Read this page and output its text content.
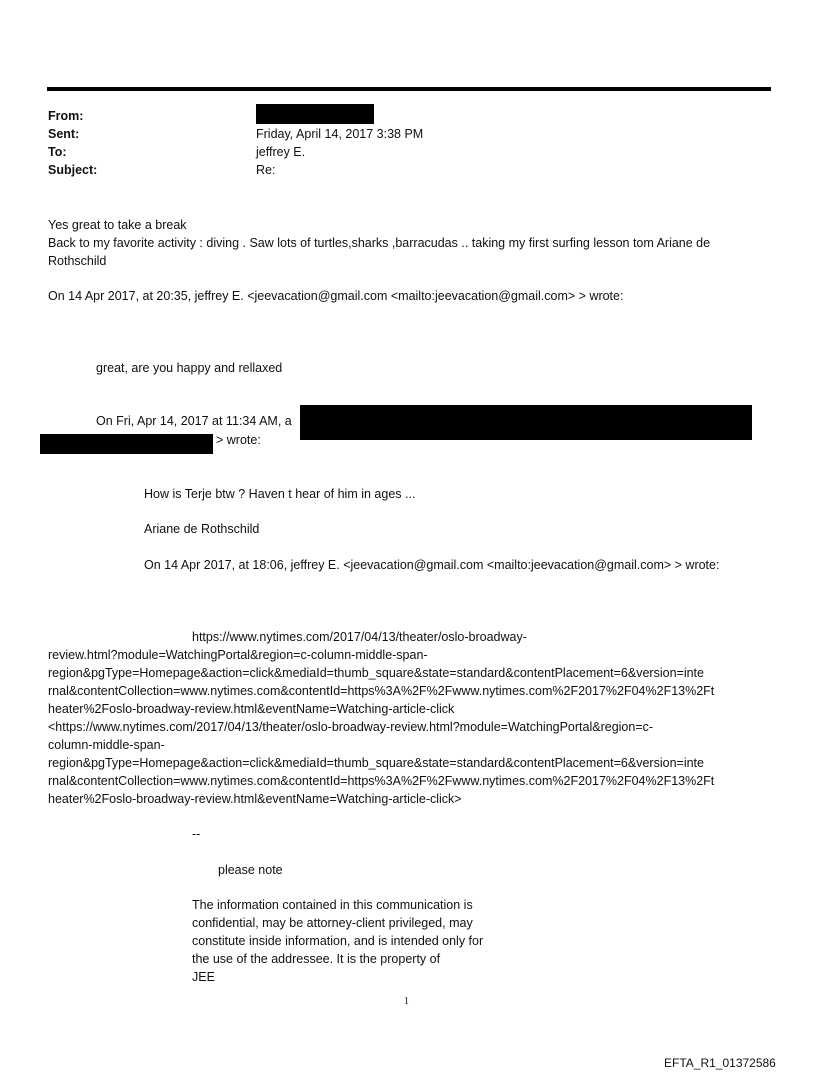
From:
Sent:	Friday, April 14, 2017 3:38 PM
To:	jeffrey E.
Subject:	Re:
Yes great to take a break
Back to my favorite activity : diving . Saw lots of turtles,sharks ,barracudas .. taking my first surfing lesson tom Ariane de
Rothschild
On 14 Apr 2017, at 20:35, jeffrey E. <jeevacation@gmail.com <mailto:jeevacation@gmail.com> > wrote:
great, are you happy and rellaxed
On Fri, Apr 14, 2017 at 11:34 AM, a
> wrote:
How is Terje btw ? Haven t hear of him in ages ...
Ariane de Rothschild
On 14 Apr 2017, at 18:06, jeffrey E. <jeevacation@gmail.com <mailto:jeevacation@gmail.com> > wrote:
https://www.nytimes.com/2017/04/13/theater/oslo-broadway-
review.html?module=WatchingPortal&region=c-column-middle-span-
region&pgType=Homepage&action=click&mediaId=thumb_square&state=standard&contentPlacement=6&version=inte
rnal&contentCollection=www.nytimes.com&contentId=https%3A%2F%2Fwww.nytimes.com%2F2017%2F04%2F13%2Ft
heater%2Foslo-broadway-review.html&eventName=Watching-article-click
<https://www.nytimes.com/2017/04/13/theater/oslo-broadway-review.html?module=WatchingPortal&region=c-
column-middle-span-
region&pgType=Homepage&action=click&mediaId=thumb_square&state=standard&contentPlacement=6&version=inte
rnal&contentCollection=www.nytimes.com&contentId=https%3A%2F%2Fwww.nytimes.com%2F2017%2F04%2F13%2Ft
heater%2Foslo-broadway-review.html&eventName=Watching-article-click>
--
please note
The information contained in this communication is
confidential, may be attorney-client privileged, may
constitute inside information, and is intended only for
the use of the addressee. It is the property of
JEE
1
EFTA_R1_01372586
